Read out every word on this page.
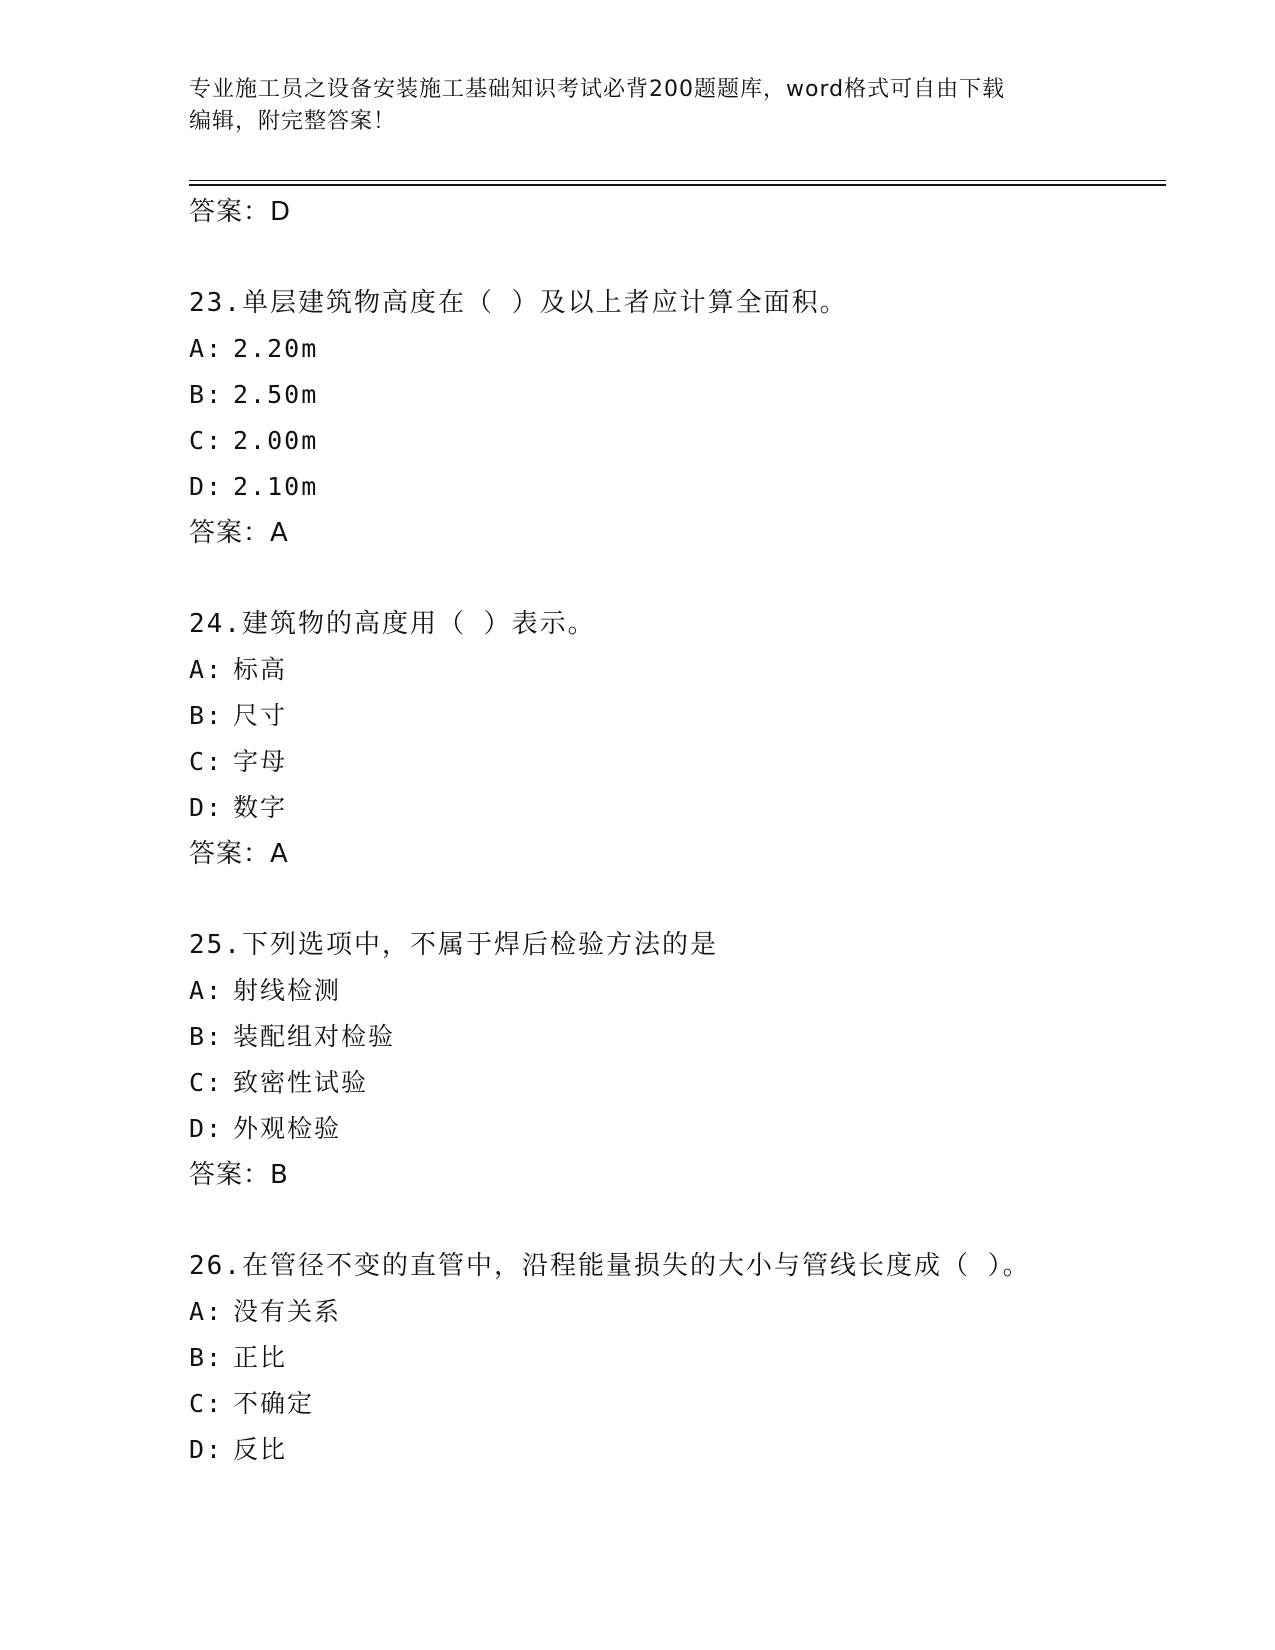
专业施工员之设备安装施工基础知识考试必背200题题库，word格式可自由下载
编辑，附完整答案！
答案：D
23.单层建筑物高度在（ ）及以上者应计算全面积。
A: 2.20m
B: 2.50m
C: 2.00m
D: 2.10m
答案：A
24.建筑物的高度用（ ）表示。
A: 标高
B: 尺寸
C: 字母
D: 数字
答案：A
25.下列选项中，不属于焊后检验方法的是
A: 射线检测
B: 装配组对检验
C: 致密性试验
D: 外观检验
答案：B
26.在管径不变的直管中，沿程能量损失的大小与管线长度成（ ）。
A: 没有关系
B: 正比
C: 不确定
D: 反比
